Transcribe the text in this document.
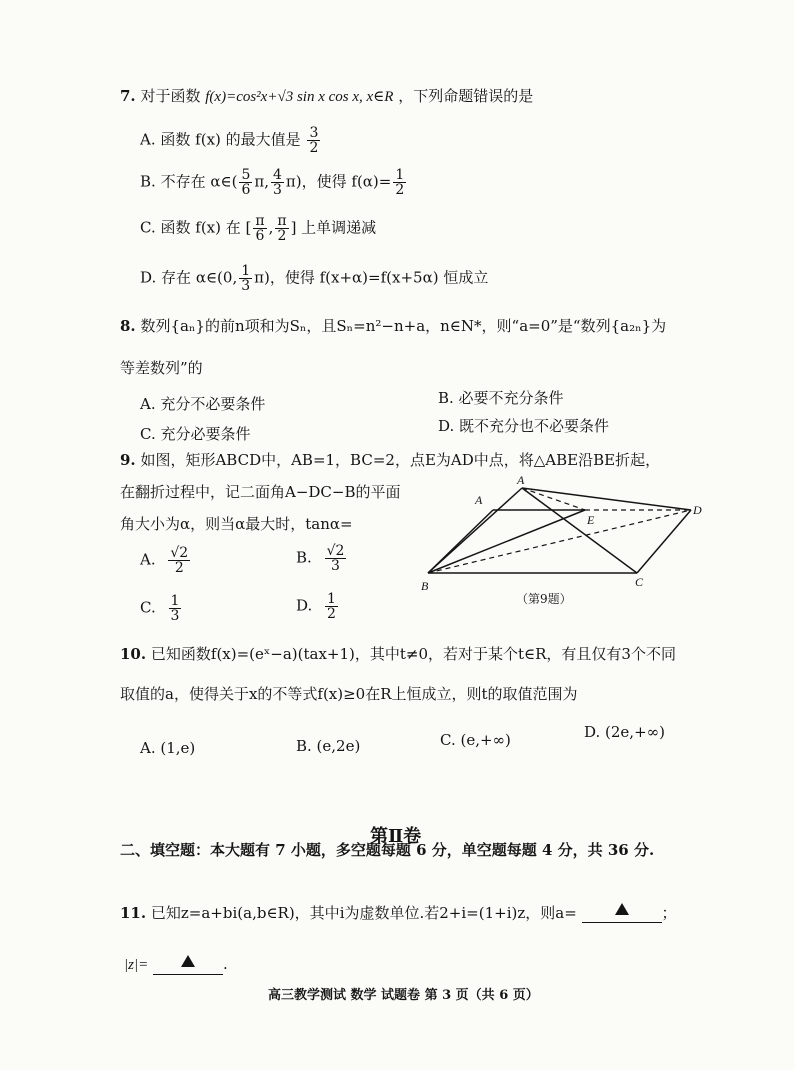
7. 对于函数 f(x)=cos²x+√3 sin x cos x, x∈R ，下列命题错误的是
A. 函数 f(x) 的最大值是 $\frac{3}{2}$
B. 不存在 α∈( $\frac{5}{6} \pi$, $\frac{4}{3} \pi$)，使得 $f(\alpha)= \frac{1}{2}$
C. 函数 f(x) 在 [ $\frac{\pi}{6}$ , $\frac{\pi}{2}$ ] 上单调递减
D. 存在 α∈(0, $\frac{1}{3} \pi$)，使得 f(x+α)=f(x+5α) 恒成立
8. 数列{aₙ}的前n项和为Sₙ，且Sₙ=n²−n+a，n∈N*，则“a=0”是“数列{a₂ₙ}为
等差数列”的
A. 充分不必要条件	B. 必要不充分条件
C. 充分必要条件	D. 既不充分也不必要条件
9. 如图，矩形ABCD中，AB=1，BC=2，点E为AD中点，将△ABE沿BE折起，
在翻折过程中，记二面角A−DC−B的平面
角大小为α，则当α最大时，tanα=
A. $\frac{√2}{2}$	B. $\frac{√2}{3}$
C. $\frac{1}{3}$	D. $\frac{1}{2}$
A
A
E
D
B	C
（第9题）
10. 已知函数f(x)=(eˣ−a)(tax+1)，其中t≠0，若对于某个t∈R，有且仅有3个不同
取值的a，使得关于x的不等式f(x)≥0在R上恒成立，则t的取值范围为
A. (1,e)	B. (e,2e)	C. (e,+∞)	D. (2e,+∞)
第Ⅱ卷
二、填空题：本大题有 7 小题，多空题每题 6 分，单空题每题 4 分，共 36 分.
11. 已知z=a+bi(a,b∈R)，其中i为虚数单位.若2+i=(1+i)z，则a=	；
|z|=	.
高三教学测试 数学 试题卷 第 3 页（共 6 页）
